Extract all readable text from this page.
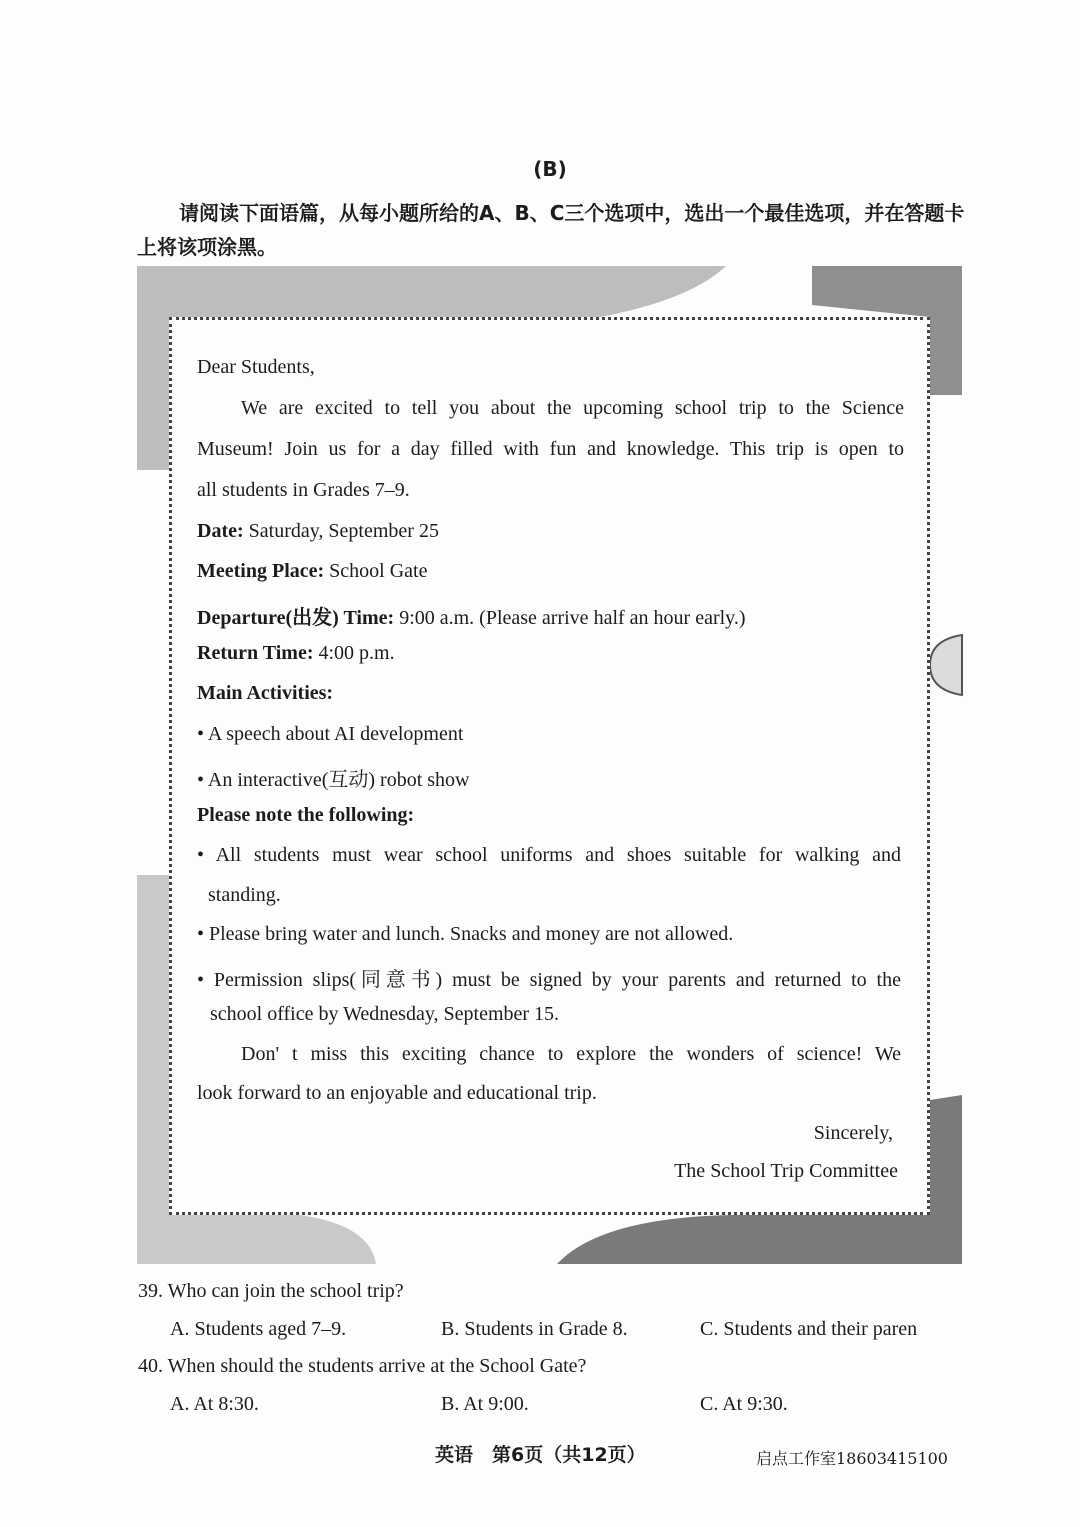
(B)

请阅读下面语篇，从每小题所给的A、B、C三个选项中，选出一个最佳选项，并在答题卡上将该项涂黑。

Dear Students,
We are excited to tell you about the upcoming school trip to the Science
Museum! Join us for a day filled with fun and knowledge. This trip is open to
all students in Grades 7–9.
Date: Saturday, September 25
Meeting Place: School Gate
Departure(出发) Time: 9:00 a.m. (Please arrive half an hour early.)
Return Time: 4:00 p.m.
Main Activities:
• A speech about AI development
• An interactive(互动) robot show
Please note the following:
• All students must wear school uniforms and shoes suitable for walking and
standing.
• Please bring water and lunch. Snacks and money are not allowed.
• Permission slips(同意书) must be signed by your parents and returned to the
school office by Wednesday, September 15.
Don' t miss this exciting chance to explore the wonders of science! We
look forward to an enjoyable and educational trip.
Sincerely,
The School Trip Committee
39. Who can join the school trip?
A. Students aged 7–9.	B. Students in Grade 8.	C. Students and their paren
40. When should the students arrive at the School Gate?
A. At 8:30.	B. At 9:00.	C. At 9:30.
英语　第6页（共12页）	启点工作室18603415100
